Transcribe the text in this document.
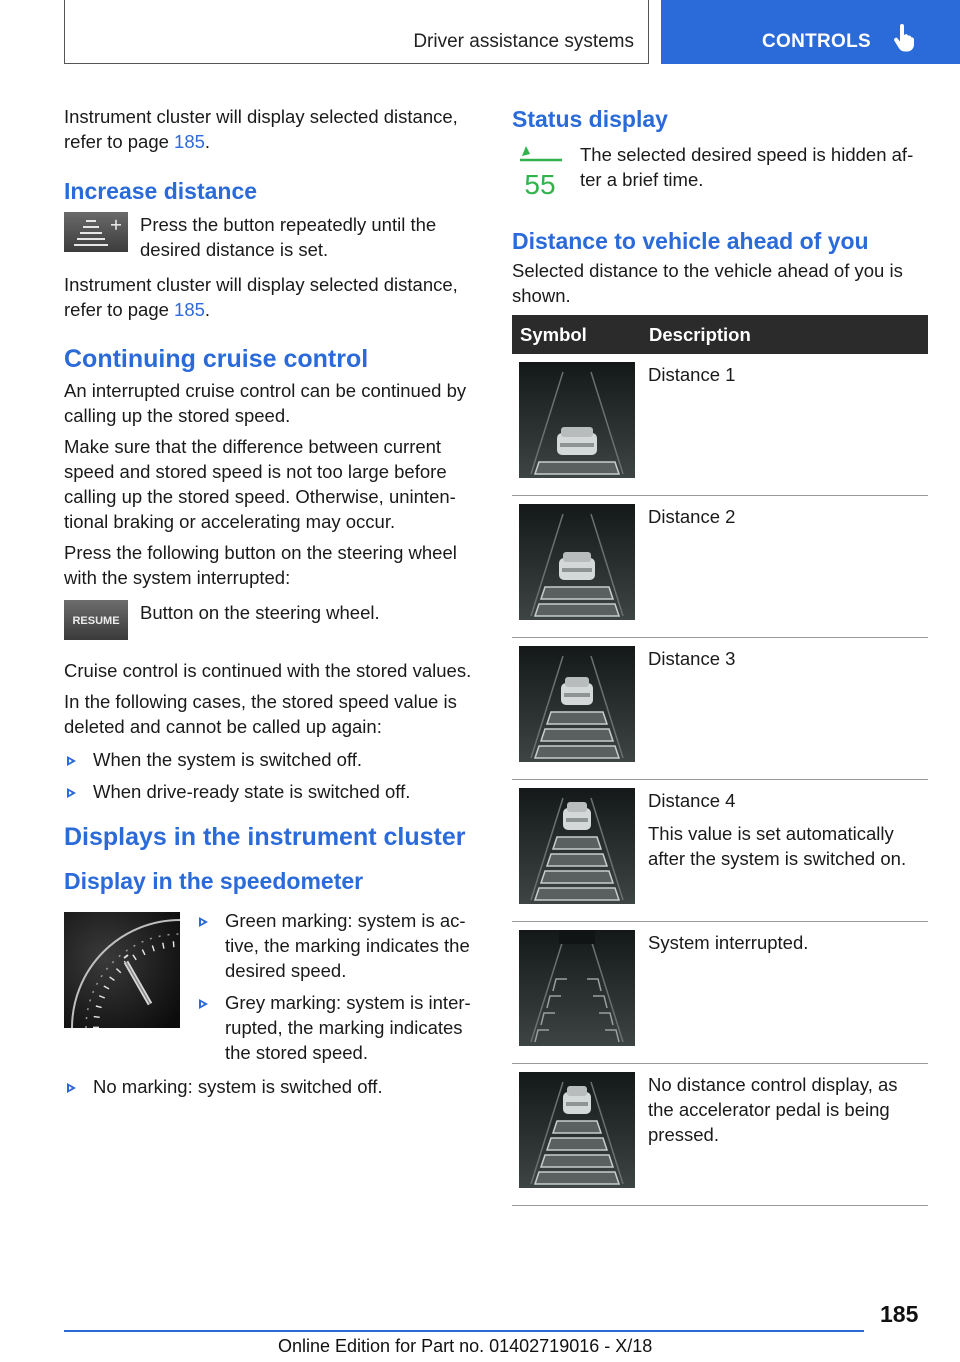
Driver assistance systems	CONTROLS

Instrument cluster will display selected distance, refer to page 185.

Increase distance
Press the button repeatedly until the desired distance is set.

Instrument cluster will display selected distance, refer to page 185.

Continuing cruise control

An interrupted cruise control can be continued by calling up the stored speed.

Make sure that the difference between current speed and stored speed is not too large before calling up the stored speed. Otherwise, unintentional braking or accelerating may occur.

Press the following button on the steering wheel with the system interrupted:

RESUME Button on the steering wheel.

Cruise control is continued with the stored values.

In the following cases, the stored speed value is deleted and cannot be called up again:

When the system is switched off.
When drive-ready state is switched off.
Displays in the instrument cluster
Display in the speedometer
Green marking: system is active, the marking indicates the desired speed.
Grey marking: system is interrupted, the marking indicates the stored speed.
No marking: system is switched off.
Status display
55
The selected desired speed is hidden after a brief time.
Distance to vehicle ahead of you

Selected distance to the vehicle ahead of you is shown.

Symbol	Description

Distance 1

Distance 2

Distance 3

Distance 4

This value is set automatically after the system is switched on.

System interrupted.

No distance control display, as the accelerator pedal is being pressed.

185
Online Edition for Part no. 01402719016 - X/18
